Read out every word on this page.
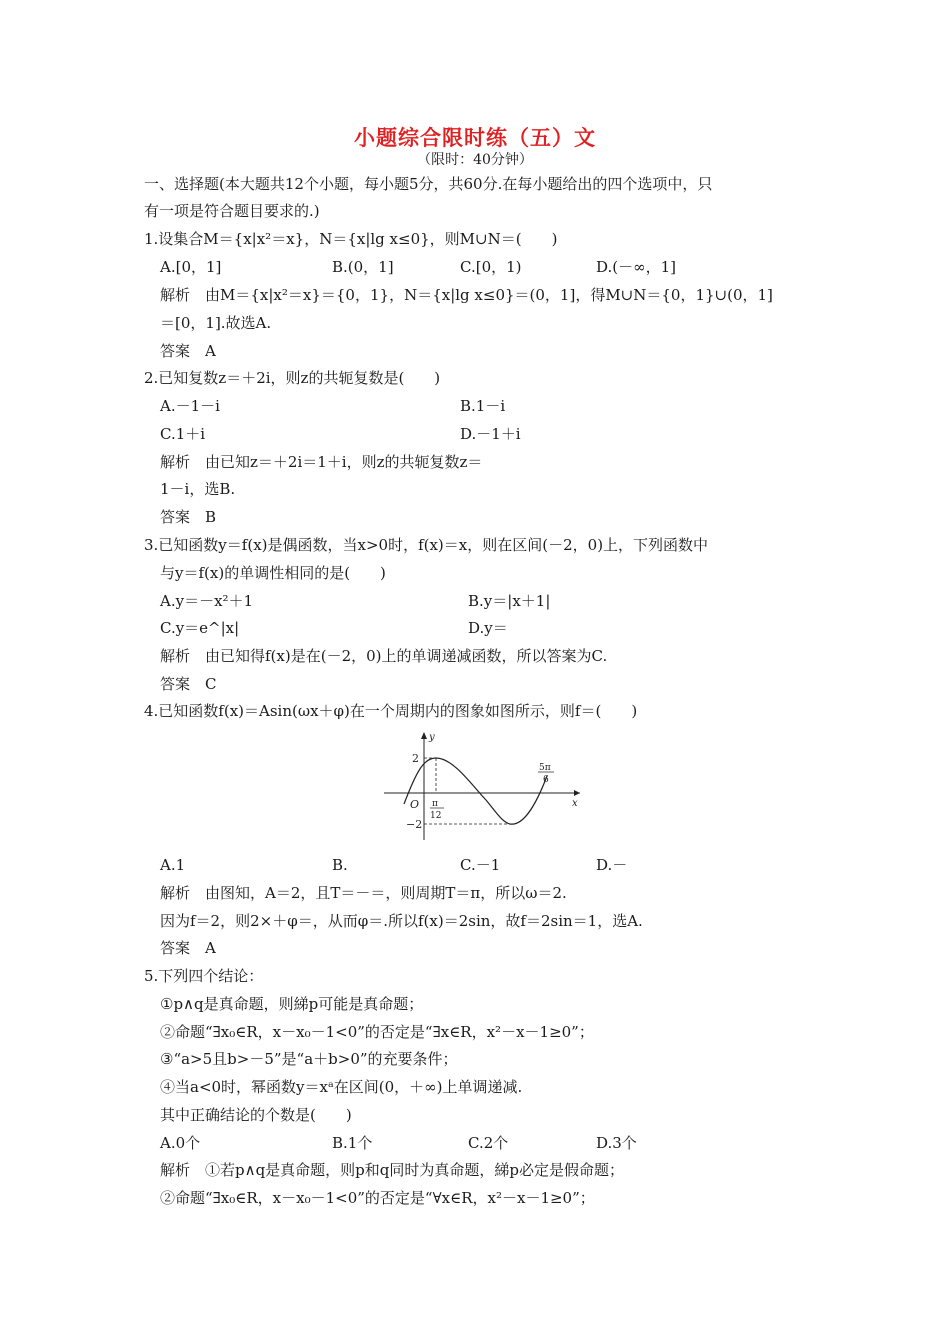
小题综合限时练（五）文
（限时：40分钟）
一、选择题(本大题共12个小题，每小题5分，共60分.在每小题给出的四个选项中，只
有一项是符合题目要求的.)
1.设集合M＝{x|x²＝x}，N＝{x|lg x≤0}，则M∪N＝(　　)
A.[0，1]	B.(0，1]	C.[0，1)	D.(－∞，1]
解析　由M＝{x|x²＝x}＝{0，1}，N＝{x|lg x≤0}＝(0，1]，得M∪N＝{0，1}∪(0，1]
＝[0，1].故选A.
答案　A
2.已知复数z＝＋2i，则z的共轭复数是(　　)
A.－1－i	B.1－i
C.1＋i	D.－1＋i
解析　由已知z＝＋2i＝1＋i，则z的共轭复数z＝
1－i，选B.
答案　B
3.已知函数y＝f(x)是偶函数，当x>0时，f(x)＝x，则在区间(－2，0)上，下列函数中
与y＝f(x)的单调性相同的是(　　)
A.y＝－x²＋1	B.y＝|x＋1|
C.y＝e^|x|	D.y＝
解析　由已知得f(x)是在(－2，0)上的单调递减函数，所以答案为C.
答案　C
4.已知函数f(x)＝Asin(ωx＋φ)在一个周期内的图象如图所示，则f＝(　　)
y
x
O
2
−2
π
12
5π
6
A.1	B.	C.－1	D.－
解析　由图知，A＝2，且T＝－＝，则周期T＝π，所以ω＝2.
因为f＝2，则2×＋φ＝，从而φ＝.所以f(x)＝2sin，故f＝2sin＝1，选A.
答案　A
5.下列四个结论：
①p∧q是真命题，则綈p可能是真命题；
②命题“∃x₀∈R，x－x₀－1<0”的否定是“∃x∈R，x²－x－1≥0”；
③“a>5且b>－5”是“a＋b>0”的充要条件；
④当a<0时，幂函数y＝xᵃ在区间(0，＋∞)上单调递减.
其中正确结论的个数是(　　)
A.0个	B.1个	C.2个	D.3个
解析　①若p∧q是真命题，则p和q同时为真命题，綈p必定是假命题；
②命题“∃x₀∈R，x－x₀－1<0”的否定是“∀x∈R，x²－x－1≥0”；
